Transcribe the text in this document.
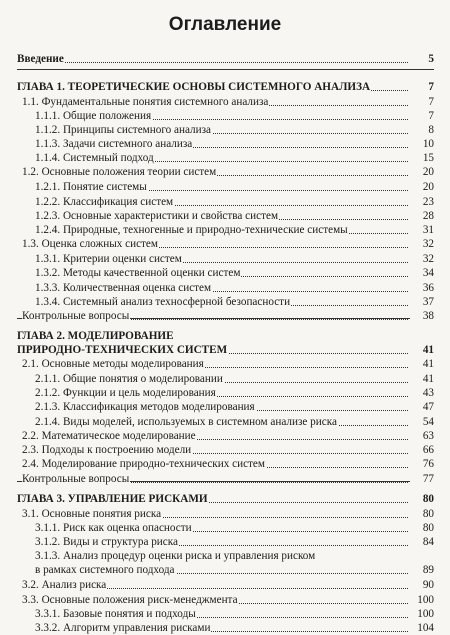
Оглавление
Введение	5
ГЛАВА 1. ТЕОРЕТИЧЕСКИЕ ОСНОВЫ СИСТЕМНОГО АНАЛИЗА	7
1.1. Фундаментальные понятия системного анализа	7
1.1.1. Общие положения	7
1.1.2. Принципы системного анализа	8
1.1.3. Задачи системного анализа	10
1.1.4. Системный подход	15
1.2. Основные положения теории систем	20
1.2.1. Понятие системы	20
1.2.2. Классификация систем	23
1.2.3. Основные характеристики и свойства систем	28
1.2.4. Природные, техногенные и природно-технические системы	31
1.3. Оценка сложных систем	32
1.3.1. Критерии оценки систем	32
1.3.2. Методы качественной оценки систем	34
1.3.3. Количественная оценка систем	36
1.3.4. Системный анализ техносферной безопасности	37
Контрольные вопросы	38
ГЛАВА 2. МОДЕЛИРОВАНИЕ
ПРИРОДНО-ТЕХНИЧЕСКИХ СИСТЕМ	41
2.1. Основные методы моделирования	41
2.1.1. Общие понятия о моделировании	41
2.1.2. Функции и цель моделирования	43
2.1.3. Классификация методов моделирования	47
2.1.4. Виды моделей, используемых в системном анализе риска	54
2.2. Математическое моделирование	63
2.3. Подходы к построению модели	66
2.4. Моделирование природно-технических систем	76
Контрольные вопросы	77
ГЛАВА 3. УПРАВЛЕНИЕ РИСКАМИ	80
3.1. Основные понятия риска	80
3.1.1. Риск как оценка опасности	80
3.1.2. Виды и структура риска	84
3.1.3. Анализ процедур оценки риска и управления риском
в рамках системного подхода	89
3.2. Анализ риска	90
3.3. Основные положения риск-менеджмента	100
3.3.1. Базовые понятия и подходы	100
3.3.2. Алгоритм управления рисками	104
